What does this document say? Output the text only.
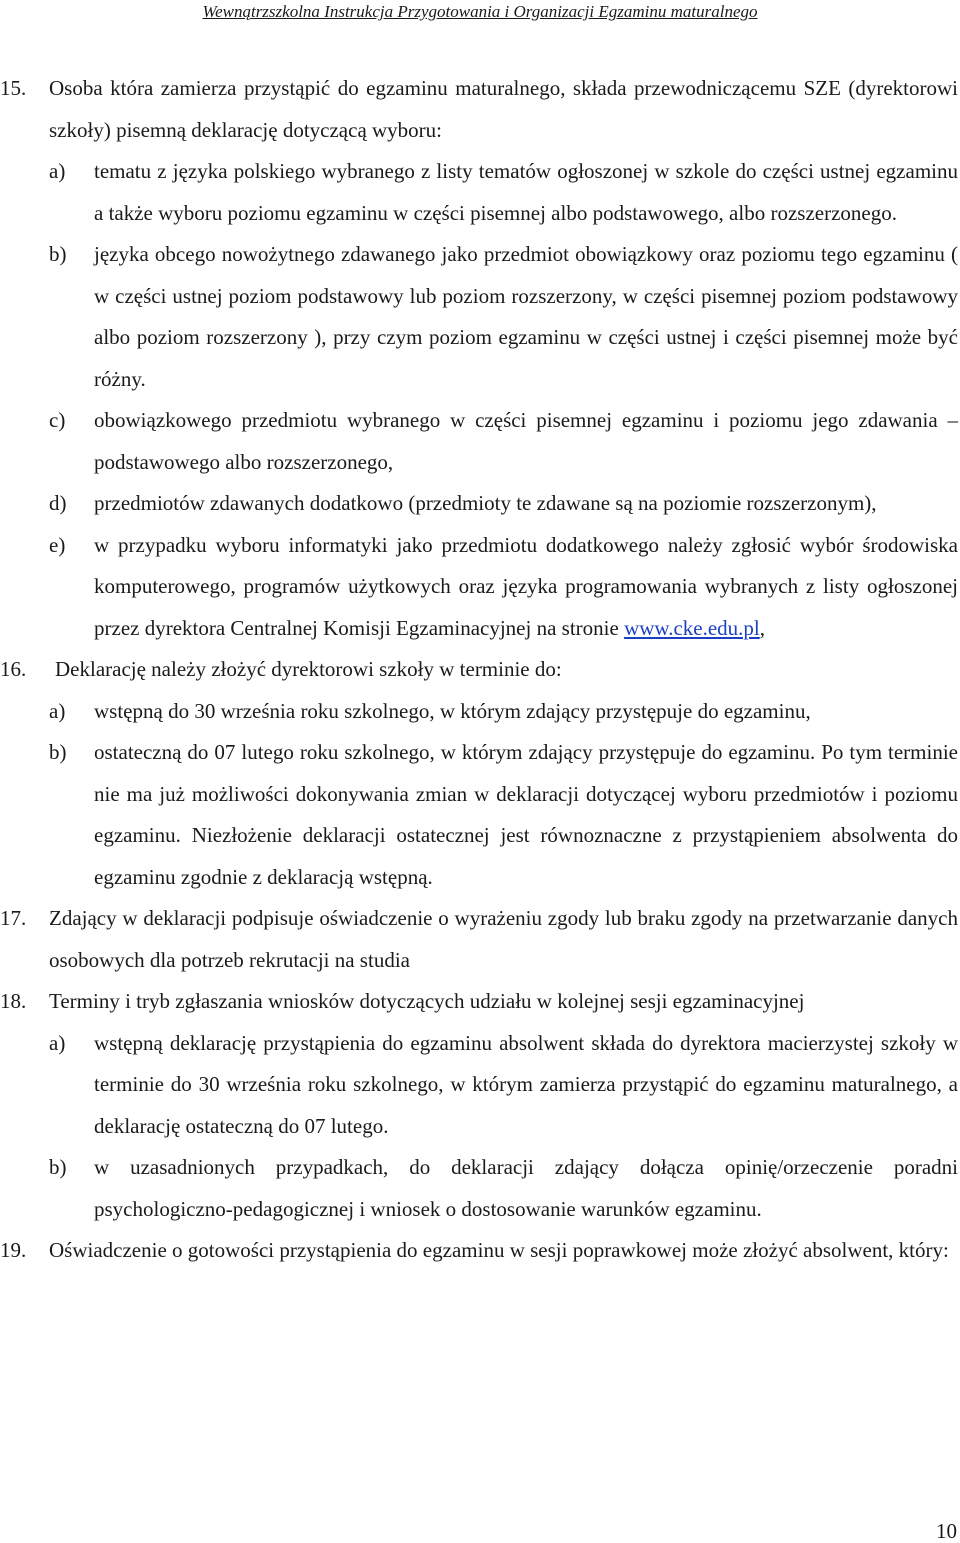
Wewnątrzszkolna Instrukcja Przygotowania i Organizacji Egzaminu maturalnego
15. Osoba która zamierza przystąpić do egzaminu maturalnego, składa przewodniczącemu SZE (dyrektorowi szkoły) pisemną deklarację dotyczącą wyboru:
a) tematu z języka polskiego wybranego z listy tematów ogłoszonej w szkole do części ustnej egzaminu a także wyboru poziomu egzaminu w części pisemnej albo podstawowego, albo rozszerzonego.
b) języka obcego nowożytnego zdawanego jako przedmiot obowiązkowy oraz poziomu tego egzaminu ( w części ustnej poziom podstawowy lub poziom rozszerzony, w części pisemnej poziom podstawowy albo poziom rozszerzony ), przy czym poziom egzaminu w części ustnej i części pisemnej może być różny.
c) obowiązkowego przedmiotu wybranego w części pisemnej egzaminu i poziomu jego zdawania – podstawowego albo rozszerzonego,
d) przedmiotów zdawanych dodatkowo (przedmioty te zdawane są na poziomie rozszerzonym),
e) w przypadku wyboru informatyki jako przedmiotu dodatkowego należy zgłosić wybór środowiska komputerowego, programów użytkowych oraz języka programowania wybranych z listy ogłoszonej przez dyrektora Centralnej Komisji Egzaminacyjnej na stronie www.cke.edu.pl,
16. Deklarację należy złożyć dyrektorowi szkoły w terminie do:
a) wstępną do 30 września roku szkolnego, w którym zdający przystępuje do egzaminu,
b) ostateczną do 07 lutego roku szkolnego, w którym zdający przystępuje do egzaminu. Po tym terminie nie ma już możliwości dokonywania zmian w deklaracji dotyczącej wyboru przedmiotów i poziomu egzaminu. Niezłożenie deklaracji ostatecznej jest równoznaczne z przystąpieniem absolwenta do egzaminu zgodnie z deklaracją wstępną.
17. Zdający w deklaracji podpisuje oświadczenie o wyrażeniu zgody lub braku zgody na przetwarzanie danych osobowych dla potrzeb rekrutacji na studia
18. Terminy i tryb zgłaszania wniosków dotyczących udziału w kolejnej sesji egzaminacyjnej
a) wstępną deklarację przystąpienia do egzaminu absolwent składa do dyrektora macierzystej szkoły w terminie do 30 września roku szkolnego, w którym zamierza przystąpić do egzaminu maturalnego, a deklarację ostateczną do 07 lutego.
b) w uzasadnionych przypadkach, do deklaracji zdający dołącza opinię/orzeczenie poradni psychologiczno-pedagogicznej i wniosek o dostosowanie warunków egzaminu.
19. Oświadczenie o gotowości przystąpienia do egzaminu w sesji poprawkowej może złożyć absolwent, który:
10
